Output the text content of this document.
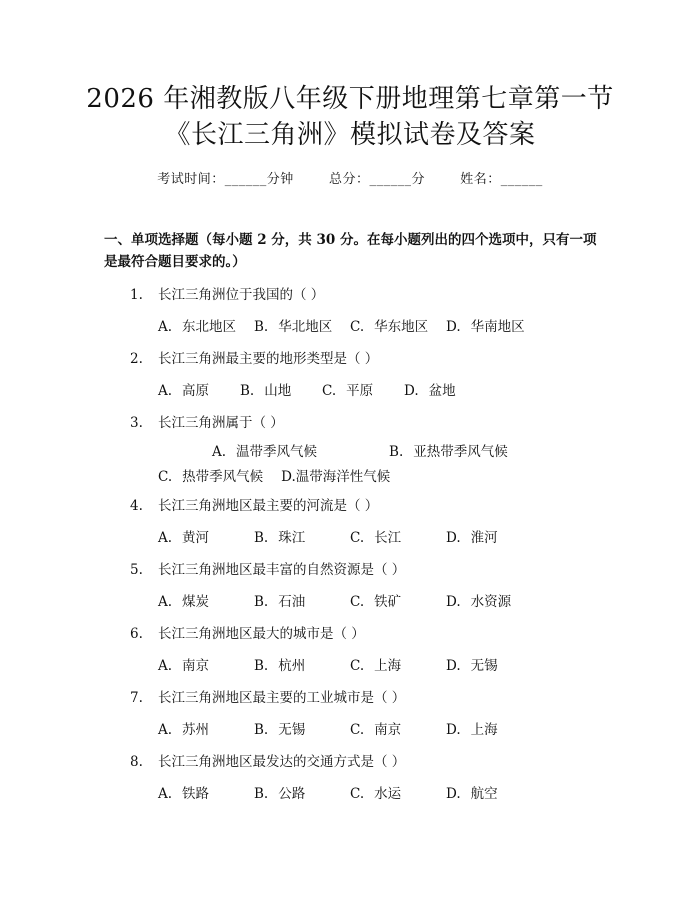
2026 年湘教版八年级下册地理第七章第一节
《长江三角洲》模拟试卷及答案
考试时间：______分钟	总分：______分	姓名：______
一、单项选择题（每小题 2 分，共 30 分。在每小题列出的四个选项中，只有一项是最符合题目要求的。）
1. 长江三角洲位于我国的（ ）
A. 东北地区 B. 华北地区 C. 华东地区 D. 华南地区
2. 长江三角洲最主要的地形类型是（ ）
A. 高原 B. 山地 C. 平原 D. 盆地
3. 长江三角洲属于（ ）
A. 温带季风气候	B. 亚热带季风气候C. 热带季风气候 D.温带海洋性气候
4. 长江三角洲地区最主要的河流是（ ）
A. 黄河	B. 珠江	C. 长江	D. 淮河
5. 长江三角洲地区最丰富的自然资源是（ ）
A. 煤炭	B. 石油	C. 铁矿	D. 水资源
6. 长江三角洲地区最大的城市是（ ）
A. 南京	B. 杭州	C. 上海	D. 无锡
7. 长江三角洲地区最主要的工业城市是（ ）
A. 苏州	B. 无锡	C. 南京	D. 上海
8. 长江三角洲地区最发达的交通方式是（ ）
A. 铁路	B. 公路	C. 水运	D. 航空
